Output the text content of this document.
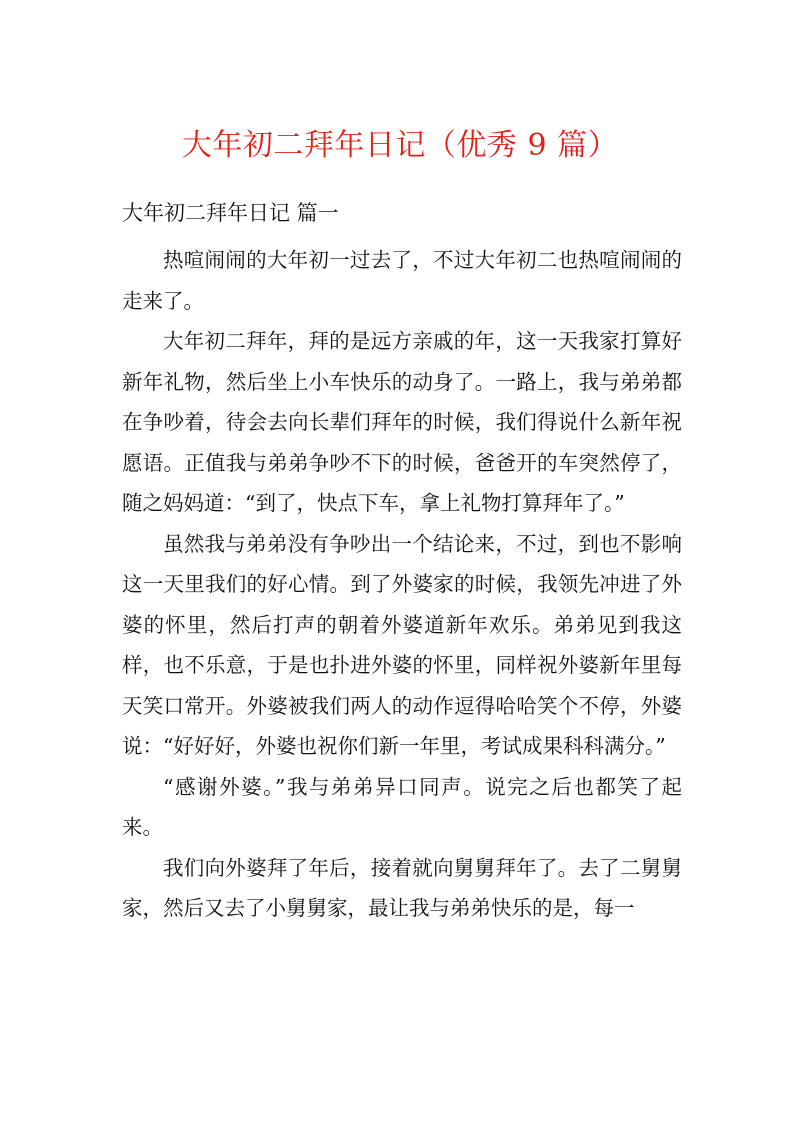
大年初二拜年日记（优秀 9 篇）
大年初二拜年日记 篇一

热喧闹闹的大年初一过去了，不过大年初二也热喧闹闹的走来了。

大年初二拜年，拜的是远方亲戚的年，这一天我家打算好新年礼物，然后坐上小车快乐的动身了。一路上，我与弟弟都在争吵着，待会去向长辈们拜年的时候，我们得说什么新年祝愿语。正值我与弟弟争吵不下的时候，爸爸开的车突然停了，随之妈妈道：“到了，快点下车，拿上礼物打算拜年了。”

虽然我与弟弟没有争吵出一个结论来，不过，到也不影响这一天里我们的好心情。到了外婆家的时候，我领先冲进了外婆的怀里，然后打声的朝着外婆道新年欢乐。弟弟见到我这样，也不乐意，于是也扑进外婆的怀里，同样祝外婆新年里每天笑口常开。外婆被我们两人的动作逗得哈哈笑个不停，外婆说：“好好好，外婆也祝你们新一年里，考试成果科科满分。”

“感谢外婆。”我与弟弟异口同声。说完之后也都笑了起来。

我们向外婆拜了年后，接着就向舅舅拜年了。去了二舅舅家，然后又去了小舅舅家，最让我与弟弟快乐的是，每一
